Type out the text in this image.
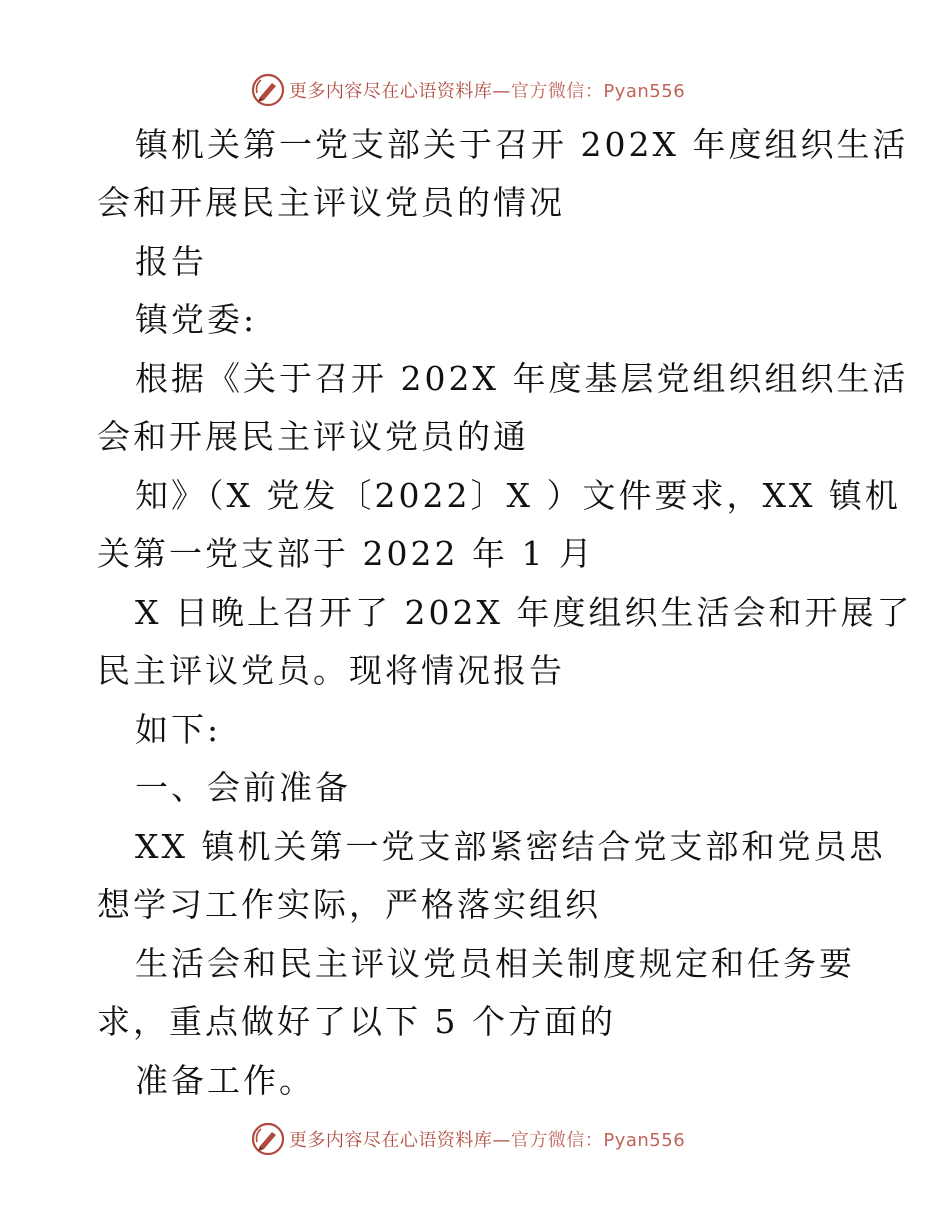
更多内容尽在心语资料库—官方微信：Pyan556
镇机关第一党支部关于召开 202X 年度组织生活
会和开展民主评议党员的情况
报告
镇党委:
根据《关于召开 202X 年度基层党组织组织生活
会和开展民主评议党员的通
知》（X 党发〔2022〕X ）文件要求，XX 镇机
关第一党支部于 2022 年 1 月
X 日晚上召开了 202X 年度组织生活会和开展了
民主评议党员。现将情况报告
如下:
一、会前准备
XX 镇机关第一党支部紧密结合党支部和党员思
想学习工作实际，严格落实组织
生活会和民主评议党员相关制度规定和任务要
求，重点做好了以下 5 个方面的
准备工作。
更多内容尽在心语资料库—官方微信：Pyan556
